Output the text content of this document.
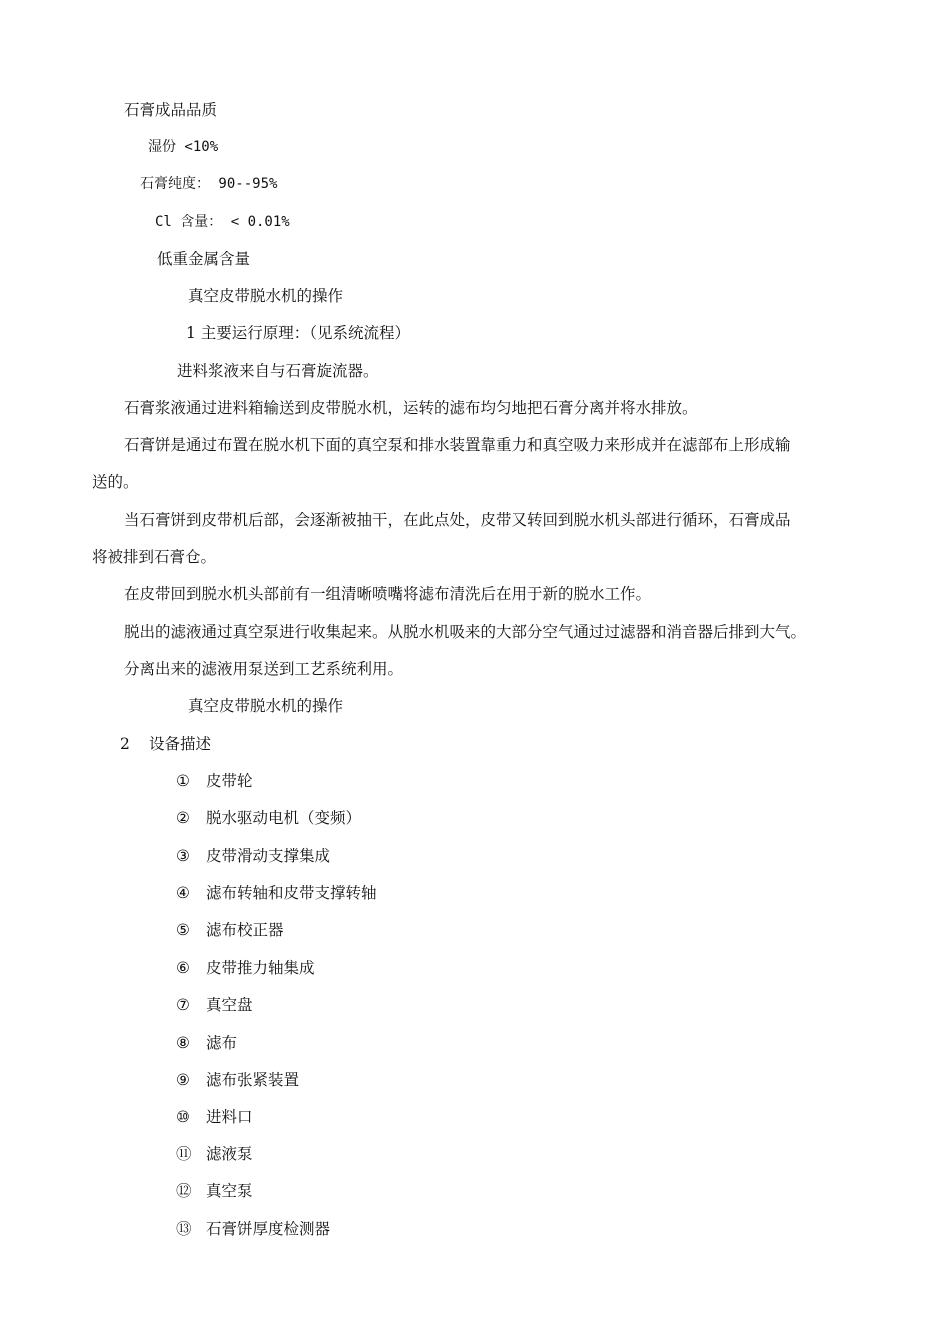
石膏成品品质
湿份 <10%
石膏纯度： 90--95%
Cl 含量： < 0.01%
低重金属含量
真空皮带脱水机的操作
1 主要运行原理：（见系统流程）
进料浆液来自与石膏旋流器。
石膏浆液通过进料箱输送到皮带脱水机，运转的滤布均匀地把石膏分离并将水排放。
石膏饼是通过布置在脱水机下面的真空泵和排水装置靠重力和真空吸力来形成并在滤部布上形成输
送的。
当石膏饼到皮带机后部，会逐渐被抽干，在此点处，皮带又转回到脱水机头部进行循环，石膏成品
将被排到石膏仓。
在皮带回到脱水机头部前有一组清晰喷嘴将滤布清洗后在用于新的脱水工作。
脱出的滤液通过真空泵进行收集起来。从脱水机吸来的大部分空气通过过滤器和消音器后排到大气。
分离出来的滤液用泵送到工艺系统利用。
真空皮带脱水机的操作
2 设备描述
① 皮带轮
② 脱水驱动电机（变频）
③ 皮带滑动支撑集成
④ 滤布转轴和皮带支撑转轴
⑤ 滤布校正器
⑥ 皮带推力轴集成
⑦ 真空盘
⑧ 滤布
⑨ 滤布张紧装置
⑩ 进料口
⑪ 滤液泵
⑫ 真空泵
⑬ 石膏饼厚度检测器
